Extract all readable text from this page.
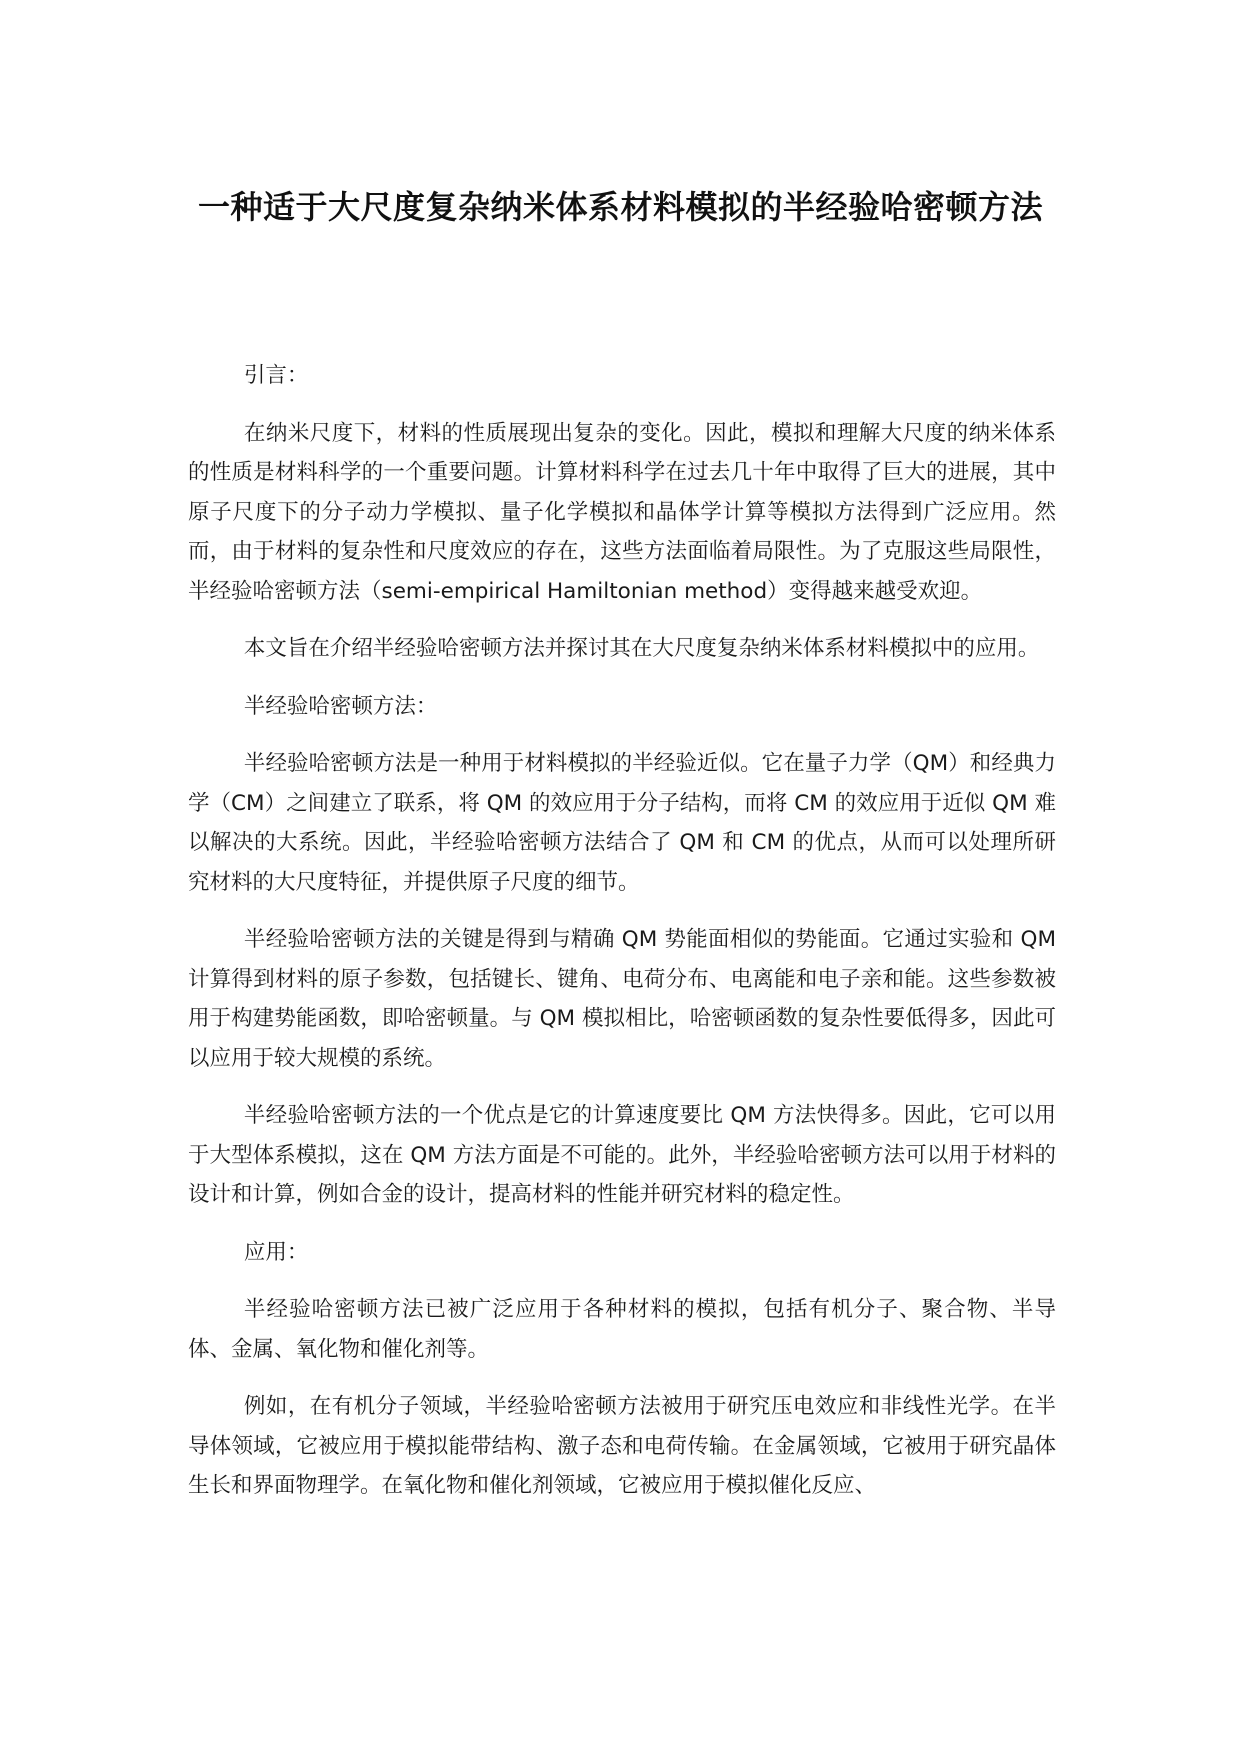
一种适于大尺度复杂纳米体系材料模拟的半经验哈密顿方法

引言：

在纳米尺度下，材料的性质展现出复杂的变化。因此，模拟和理解大尺度的纳米体系的性质是材料科学的一个重要问题。计算材料科学在过去几十年中取得了巨大的进展，其中原子尺度下的分子动力学模拟、量子化学模拟和晶体学计算等模拟方法得到广泛应用。然而，由于材料的复杂性和尺度效应的存在，这些方法面临着局限性。为了克服这些局限性，半经验哈密顿方法（semi-empirical Hamiltonian method）变得越来越受欢迎。

本文旨在介绍半经验哈密顿方法并探讨其在大尺度复杂纳米体系材料模拟中的应用。

半经验哈密顿方法：

半经验哈密顿方法是一种用于材料模拟的半经验近似。它在量子力学（QM）和经典力学（CM）之间建立了联系，将 QM 的效应用于分子结构，而将 CM 的效应用于近似 QM 难以解决的大系统。因此，半经验哈密顿方法结合了 QM 和 CM 的优点，从而可以处理所研究材料的大尺度特征，并提供原子尺度的细节。

半经验哈密顿方法的关键是得到与精确 QM 势能面相似的势能面。它通过实验和 QM 计算得到材料的原子参数，包括键长、键角、电荷分布、电离能和电子亲和能。这些参数被用于构建势能函数，即哈密顿量。与 QM 模拟相比，哈密顿函数的复杂性要低得多，因此可以应用于较大规模的系统。

半经验哈密顿方法的一个优点是它的计算速度要比 QM 方法快得多。因此，它可以用于大型体系模拟，这在 QM 方法方面是不可能的。此外，半经验哈密顿方法可以用于材料的设计和计算，例如合金的设计，提高材料的性能并研究材料的稳定性。

应用：

半经验哈密顿方法已被广泛应用于各种材料的模拟，包括有机分子、聚合物、半导体、金属、氧化物和催化剂等。

例如，在有机分子领域，半经验哈密顿方法被用于研究压电效应和非线性光学。在半导体领域，它被应用于模拟能带结构、激子态和电荷传输。在金属领域，它被用于研究晶体生长和界面物理学。在氧化物和催化剂领域，它被应用于模拟催化反应、
